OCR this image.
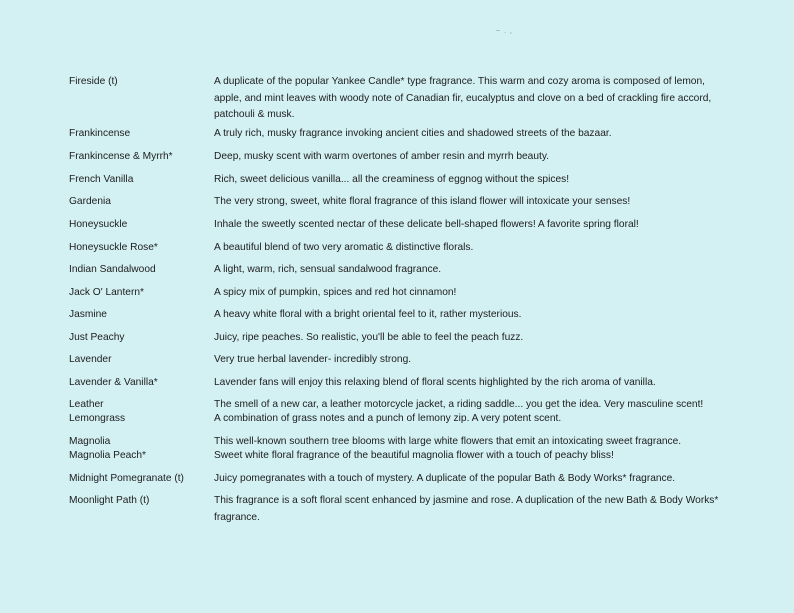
~ . ,
Fireside (t)	A duplicate of the popular Yankee Candle* type fragrance. This warm and cozy aroma is composed of lemon,
apple, and mint leaves with woody note of Canadian fir, eucalyptus and clove on a bed of crackling fire accord,
patchouli & musk.
Frankincense	A truly rich, musky fragrance invoking ancient cities and shadowed streets of the bazaar.
Frankincense & Myrrh*	Deep, musky scent with warm overtones of amber resin and myrrh beauty.
French Vanilla	Rich, sweet delicious vanilla... all the creaminess of eggnog without the spices!
Gardenia	The very strong, sweet, white floral fragrance of this island flower will intoxicate your senses!
Honeysuckle	Inhale the sweetly scented nectar of these delicate bell-shaped flowers! A favorite spring floral!
Honeysuckle Rose*	A beautiful blend of two very aromatic & distinctive florals.
Indian Sandalwood	A light, warm, rich, sensual sandalwood fragrance.
Jack O' Lantern*	A spicy mix of pumpkin, spices and red hot cinnamon!
Jasmine	A heavy white floral with a bright oriental feel to it, rather mysterious.
Just Peachy	Juicy, ripe peaches. So realistic, you'll be able to feel the peach fuzz.
Lavender	Very true herbal lavender- incredibly strong.
Lavender & Vanilla*	Lavender fans will enjoy this relaxing blend of floral scents highlighted by the rich aroma of vanilla.
Leather	The smell of a new car, a leather motorcycle jacket, a riding saddle... you get the idea. Very masculine scent!
Lemongrass	A combination of grass notes and a punch of lemony zip. A very potent scent.
Magnolia	This well-known southern tree blooms with large white flowers that emit an intoxicating sweet fragrance.
Magnolia Peach*	Sweet white floral fragrance of the beautiful magnolia flower with a touch of peachy bliss!
Midnight Pomegranate (t)	Juicy pomegranates with a touch of mystery. A duplicate of the popular Bath & Body Works* fragrance.
Moonlight Path (t)	This fragrance is a soft floral scent enhanced by jasmine and rose. A duplication of the new Bath & Body Works*
fragrance.
